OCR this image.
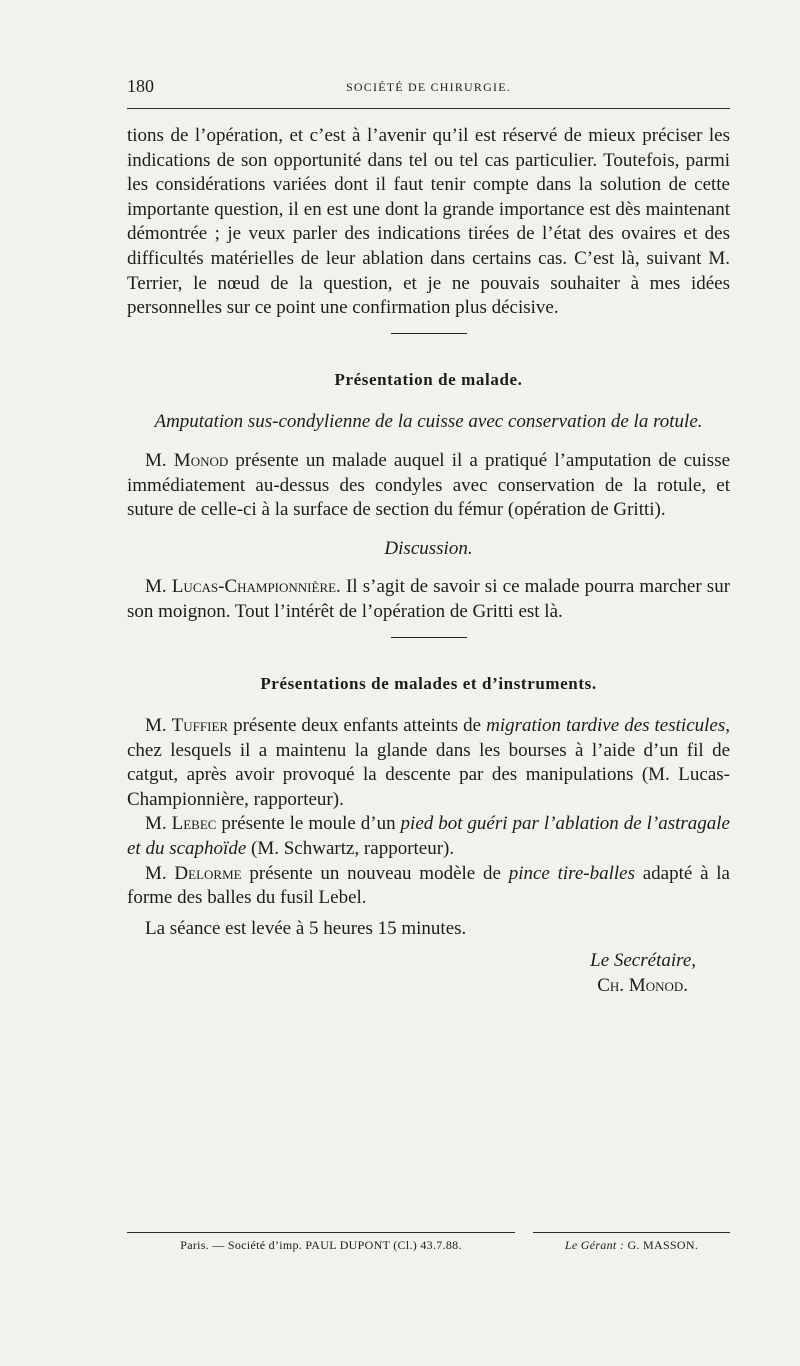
180	SOCIÉTÉ DE CHIRURGIE.

tions de l’opération, et c’est à l’avenir qu’il est réservé de mieux préciser les indications de son opportunité dans tel ou tel cas particulier. Toutefois, parmi les considérations variées dont il faut tenir compte dans la solution de cette importante question, il en est une dont la grande importance est dès maintenant démontrée ; je veux parler des indications tirées de l’état des ovaires et des difficultés matérielles de leur ablation dans certains cas. C’est là, suivant M. Terrier, le nœud de la question, et je ne pouvais souhaiter à mes idées personnelles sur ce point une confirmation plus décisive.

Présentation de malade.

Amputation sus-condylienne de la cuisse avec conservation de la rotule.

M. Monod présente un malade auquel il a pratiqué l’amputation de cuisse immédiatement au-dessus des condyles avec conservation de la rotule, et suture de celle-ci à la surface de section du fémur (opération de Gritti).

Discussion.

M. Lucas-Championnière. Il s’agit de savoir si ce malade pourra marcher sur son moignon. Tout l’intérêt de l’opération de Gritti est là.

Présentations de malades et d’instruments.

M. Tuffier présente deux enfants atteints de migration tardive des testicules, chez lesquels il a maintenu la glande dans les bourses à l’aide d’un fil de catgut, après avoir provoqué la descente par des manipulations (M. Lucas-Championnière, rapporteur).

M. Lebec présente le moule d’un pied bot guéri par l’ablation de l’astragale et du scaphoïde (M. Schwartz, rapporteur).

M. Delorme présente un nouveau modèle de pince tire-balles adapté à la forme des balles du fusil Lebel.

La séance est levée à 5 heures 15 minutes.

Le Secrétaire,

Ch. Monod.

Paris. — Société d’imp. PAUL DUPONT (Cl.) 43.7.88.	Le Gérant : G. MASSON.
